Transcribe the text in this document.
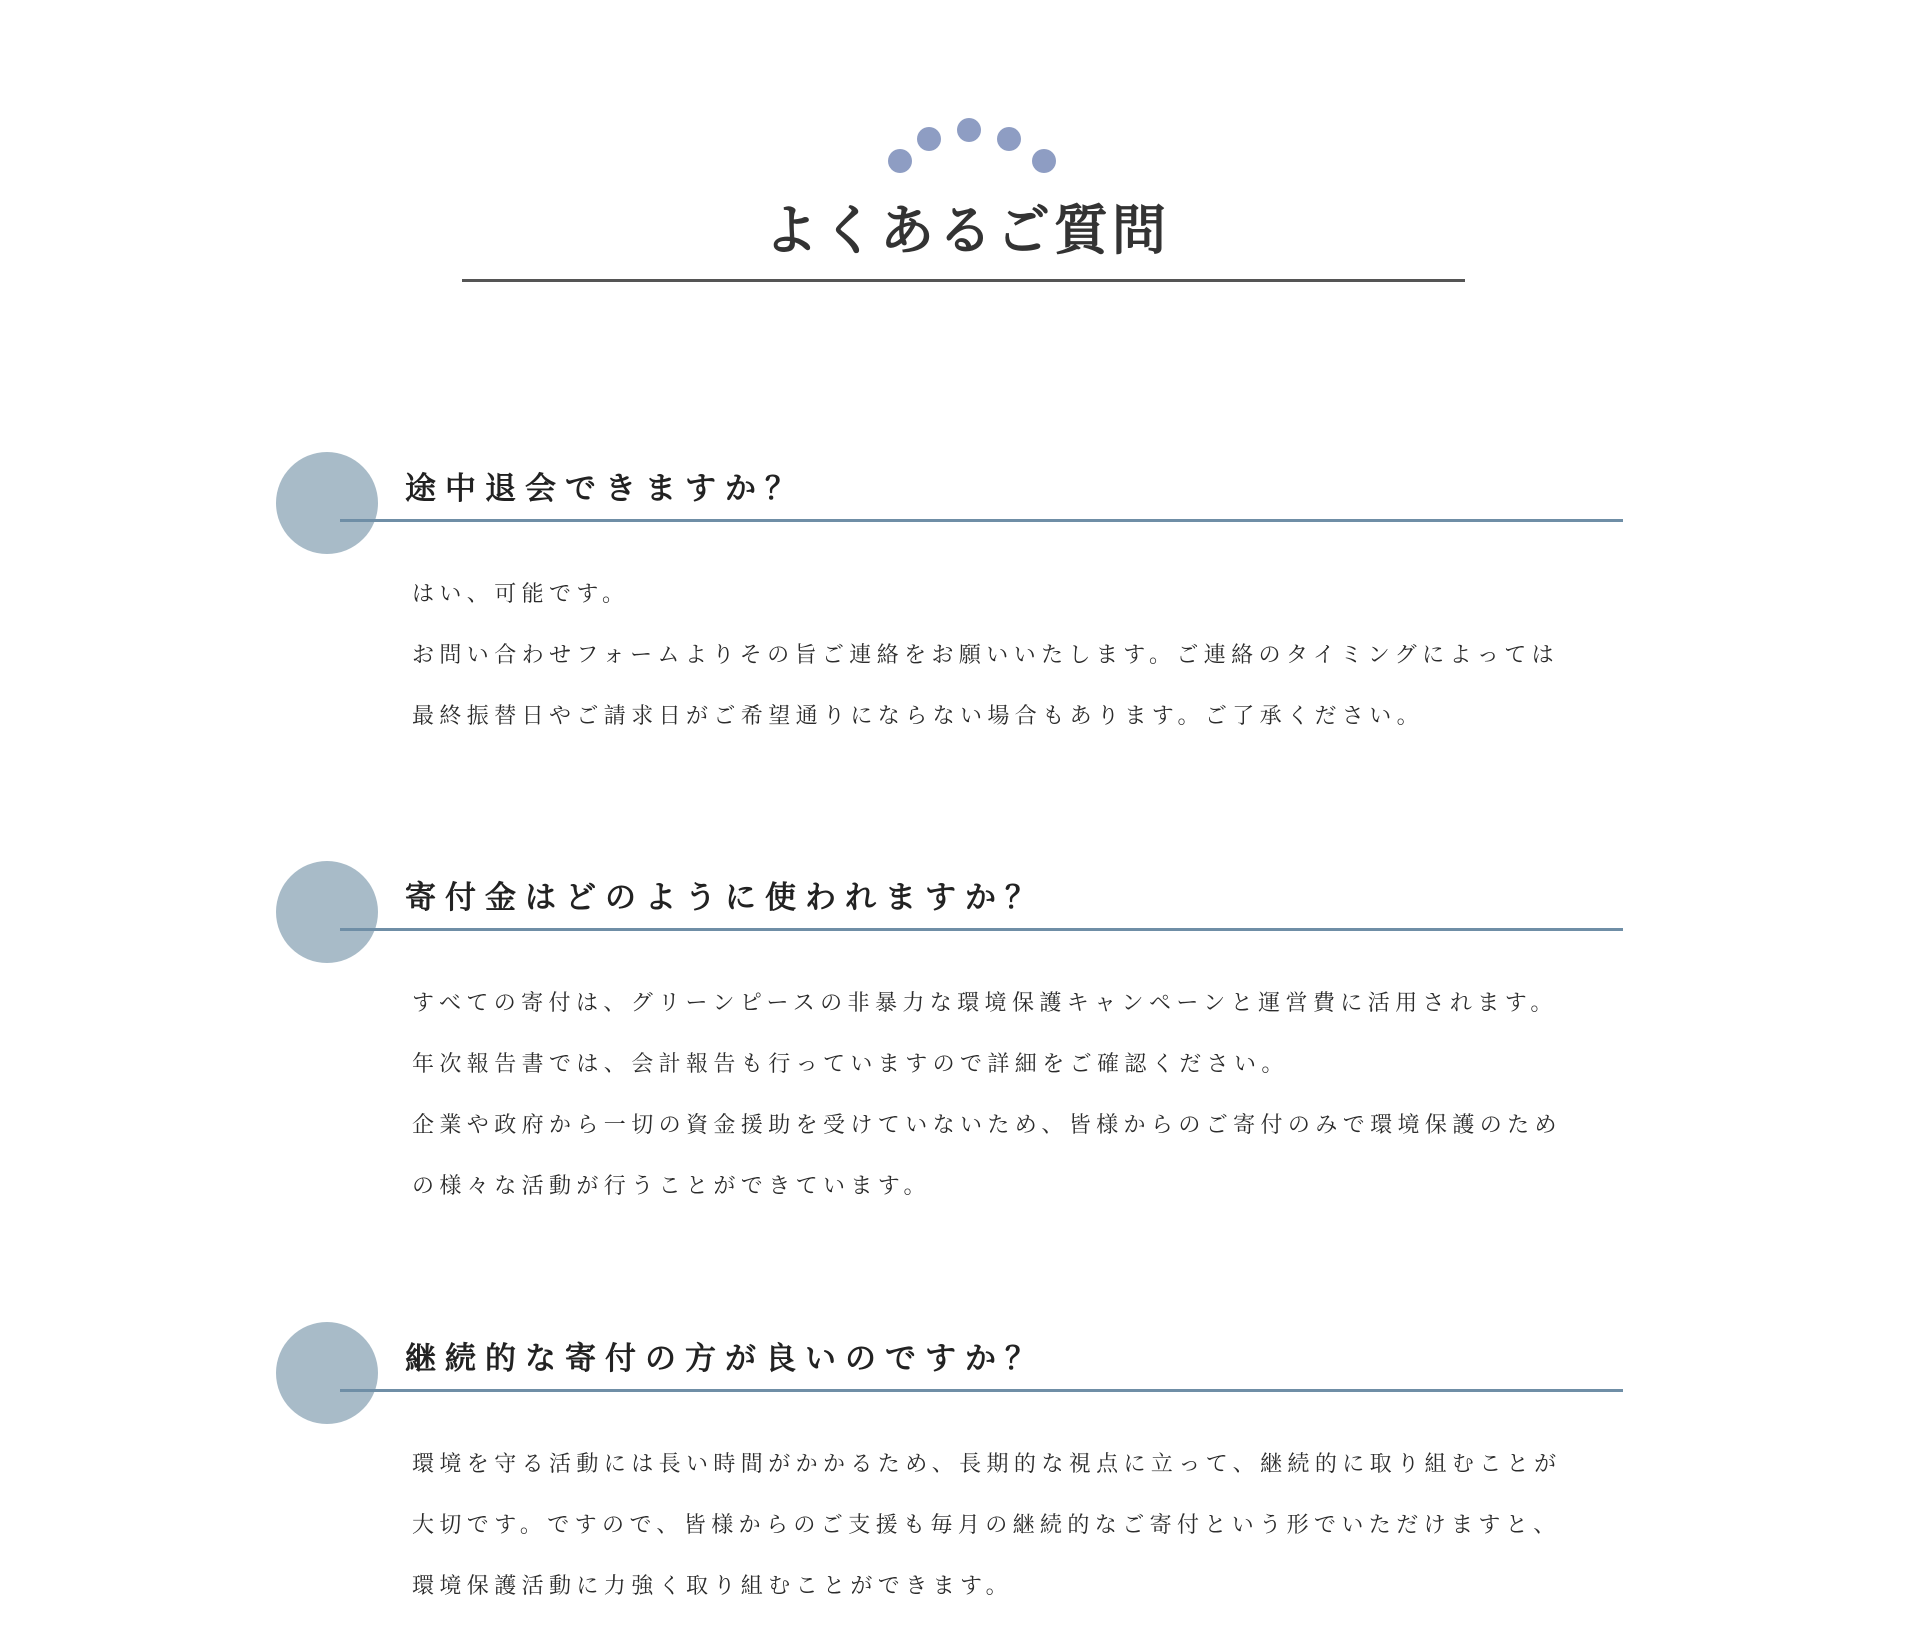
よくあるご質問
途中退会できますか？

はい、可能です。

お問い合わせフォームよりその旨ご連絡をお願いいたします。ご連絡のタイミングによっては

最終振替日やご請求日がご希望通りにならない場合もあります。ご了承ください。

寄付金はどのように使われますか？

すべての寄付は、グリーンピースの非暴力な環境保護キャンペーンと運営費に活用されます。

年次報告書では、会計報告も行っていますので詳細をご確認ください。

企業や政府から一切の資金援助を受けていないため、皆様からのご寄付のみで環境保護のため

の様々な活動が行うことができています。

継続的な寄付の方が良いのですか？

環境を守る活動には長い時間がかかるため、長期的な視点に立って、継続的に取り組むことが

大切です。ですので、皆様からのご支援も毎月の継続的なご寄付という形でいただけますと、

環境保護活動に力強く取り組むことができます。
